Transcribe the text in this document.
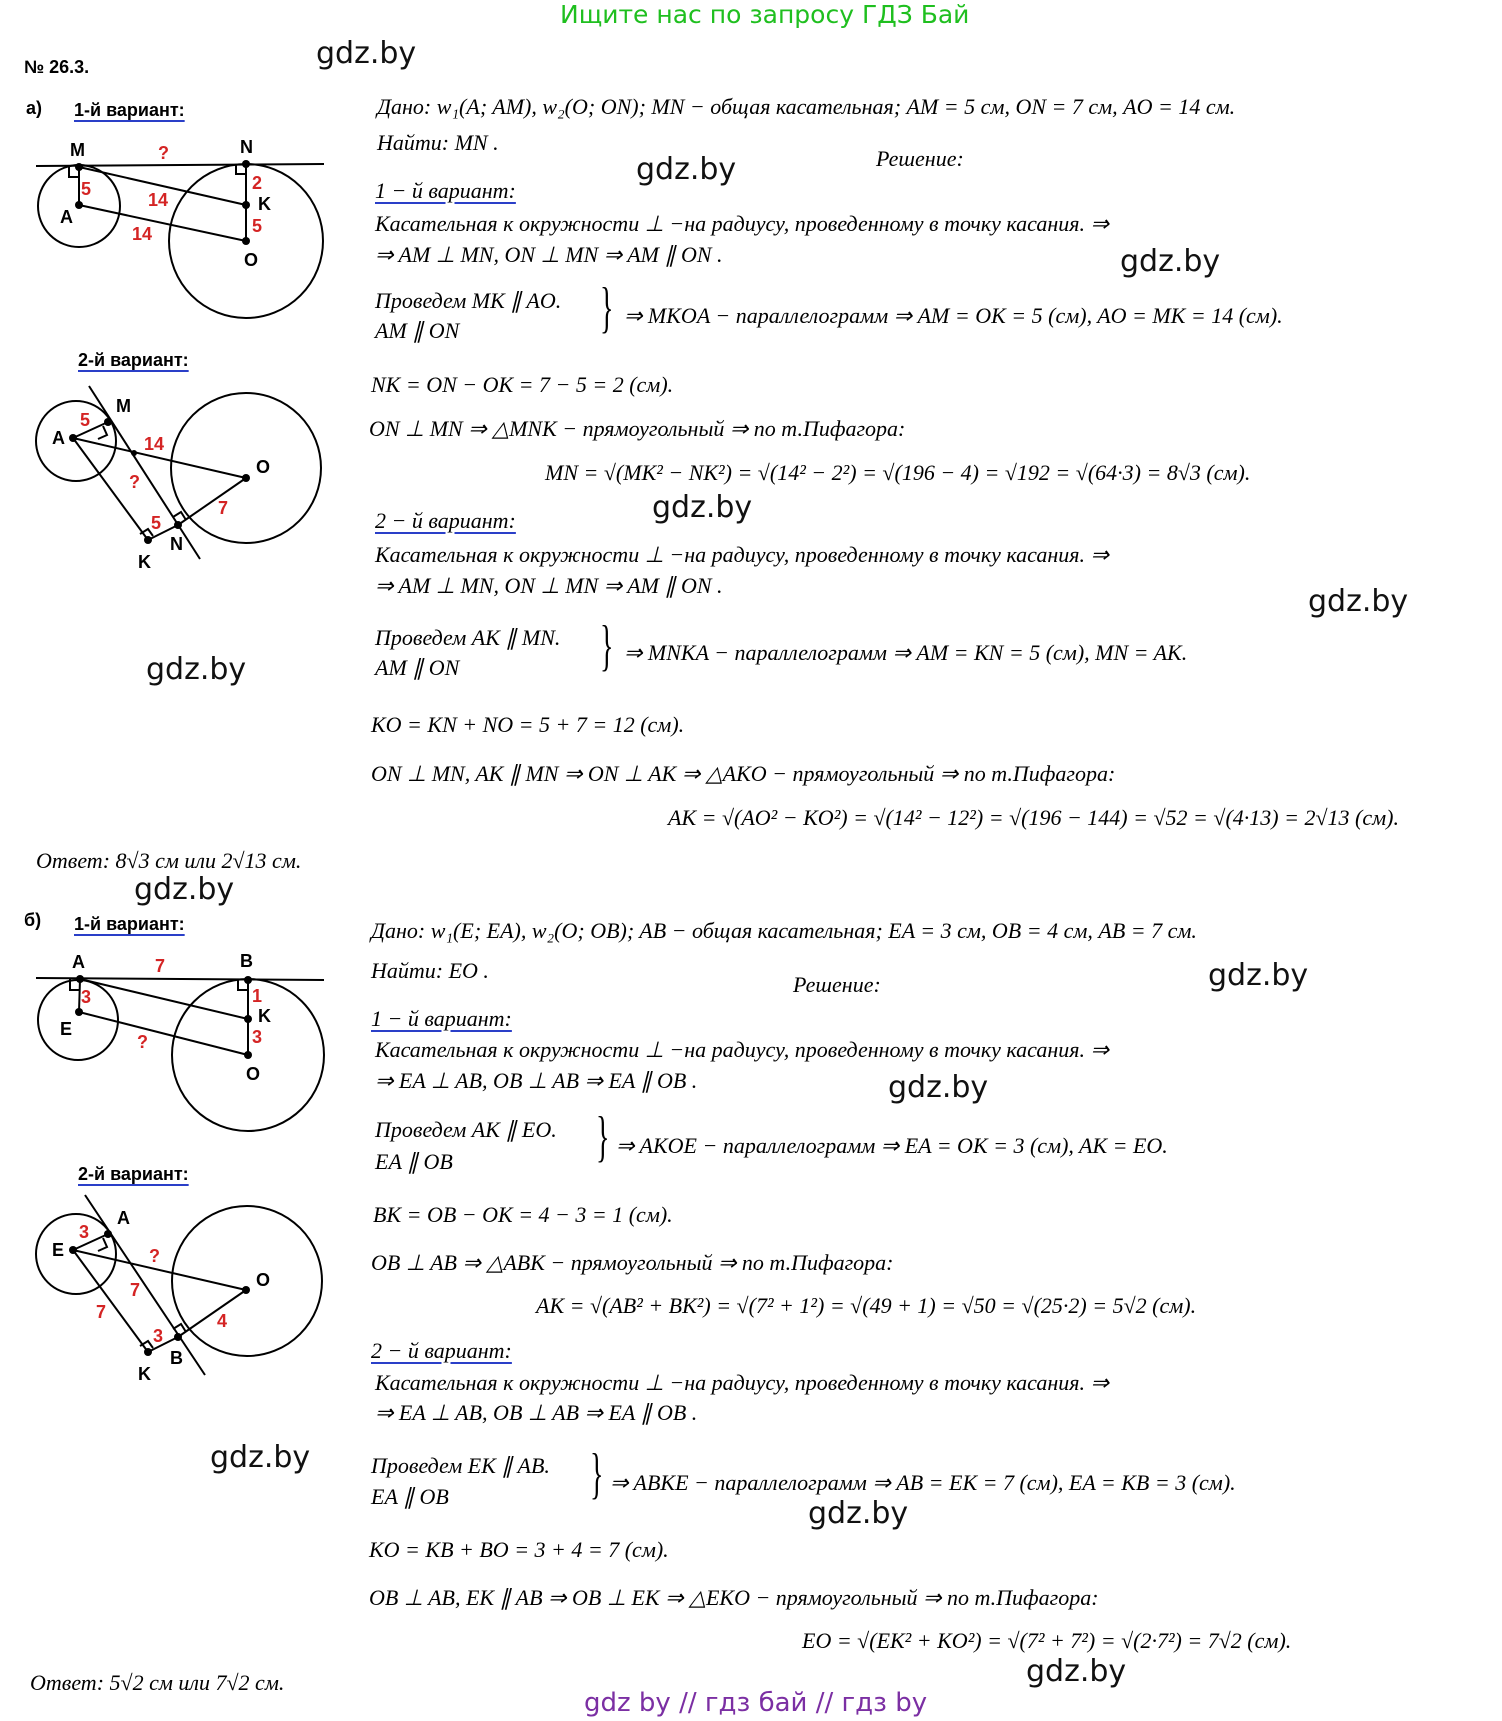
Ищите нас по запросу ГДЗ Бай
№ 26.3.	gdz.by
gdz.by
gdz.by
gdz.by
gdz.by
gdz.by
gdz.by
gdz.by
gdz.by
gdz.by
gdz.by
gdz.by
а) 1-й вариант:
2-й вариант:
M	N
A
K
O
?
5
14
14
2
5
A
M
O
N
K
5
14
?
5
7
Дано: w₁(A; AM), w₂(O; ON); MN − общая касательная; AM = 5 см, ON = 7 см, AO = 14 см.
Найти: MN .
Решение:
1 − й вариант:
Касательная к окружности ⊥ −на радиусу, проведенному в точку касания. ⇒
⇒ AM ⊥ MN, ON ⊥ MN ⇒ AM ∥ ON .
Проведем MK ∥ AO.
AM ∥ ON	} ⇒ MKOA − параллелограмм ⇒ AM = OK = 5 (см), AO = MK = 14 (см).
NK = ON − OK = 7 − 5 = 2 (см).
ON ⊥ MN ⇒ △MNK − прямоугольный ⇒ по т.Пифагора:
MN = √(MK² − NK²) = √(14² − 2²) = √(196 − 4) = √192 = √(64·3) = 8√3 (см).
2 − й вариант:
Касательная к окружности ⊥ −на радиусу, проведенному в точку касания. ⇒
⇒ AM ⊥ MN, ON ⊥ MN ⇒ AM ∥ ON .
Проведем AK ∥ MN.
AM ∥ ON	} ⇒ MNKA − параллелограмм ⇒ AM = KN = 5 (см), MN = AK.
KO = KN + NO = 5 + 7 = 12 (см).
ON ⊥ MN, AK ∥ MN ⇒ ON ⊥ AK ⇒ △AKO − прямоугольный ⇒ по т.Пифагора:
AK = √(AO² − KO²) = √(14² − 12²) = √(196 − 144) = √52 = √(4·13) = 2√13 (см).
Ответ: 8√3 см или 2√13 см.
б) 1-й вариант:
2-й вариант:
A	B
E
K
O
7
3	1
3
?
E
A
O
B
K
3
?
7
7
3
4
Дано: w₁(E; EA), w₂(O; OB); AB − общая касательная; EA = 3 см, OB = 4 см, AB = 7 см.
Найти: EO .
Решение:
1 − й вариант:
Касательная к окружности ⊥ −на радиусу, проведенному в точку касания. ⇒
⇒ EA ⊥ AB, OB ⊥ AB ⇒ EA ∥ OB .
Проведем AK ∥ EO.
EA ∥ OB	} ⇒ AKOE − параллелограмм ⇒ EA = OK = 3 (см), AK = EO.
BK = OB − OK = 4 − 3 = 1 (см).
OB ⊥ AB ⇒ △ABK − прямоугольный ⇒ по т.Пифагора:
AK = √(AB² + BK²) = √(7² + 1²) = √(49 + 1) = √50 = √(25·2) = 5√2 (см).
2 − й вариант:
Касательная к окружности ⊥ −на радиусу, проведенному в точку касания. ⇒
⇒ EA ⊥ AB, OB ⊥ AB ⇒ EA ∥ OB .
Проведем EK ∥ AB.
EA ∥ OB	} ⇒ ABKE − параллелограмм ⇒ AB = EK = 7 (см), EA = KB = 3 (см).
KO = KB + BO = 3 + 4 = 7 (см).
OB ⊥ AB, EK ∥ AB ⇒ OB ⊥ EK ⇒ △EKO − прямоугольный ⇒ по т.Пифагора:
EO = √(EK² + KO²) = √(7² + 7²) = √(2·7²) = 7√2 (см).
Ответ: 5√2 см или 7√2 см.
gdz by // гдз бай // гдз by
